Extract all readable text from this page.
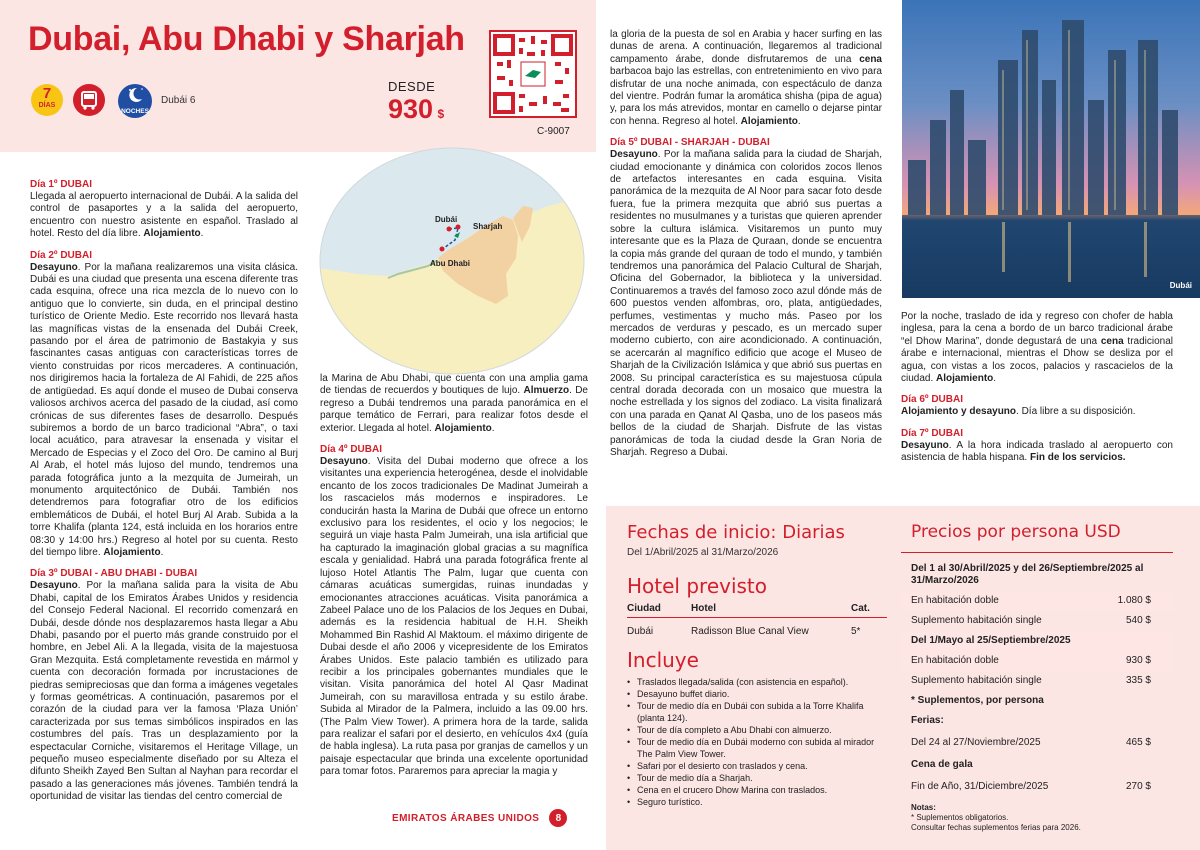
Dubai, Abu Dhabi y Sharjah
7
DÍAS
NOCHES
Dubái 6
DESDE
930 $
C-9007
Dubái
Sharjah
Abu Dhabi
Día 1º DUBAI
Llegada al aeropuerto internacional de Dubái. A la salida del control de pasaportes y a la salida del aeropuerto, encuentro con nuestro asistente en español. Traslado al hotel. Resto del día libre. Alojamiento.
Día 2º DUBAI
Desayuno. Por la mañana realizaremos una visita clásica. Dubái es una ciudad que presenta una escena diferente tras cada esquina, ofrece una rica mezcla de lo nuevo con lo antiguo que lo convierte, sin duda, en el principal destino turístico de Oriente Medio. Este recorrido nos llevará hasta las magníficas vistas de la ensenada del Dubái Creek, pasando por el área de patrimonio de Bastakyia y sus fascinantes casas antiguas con características torres de viento construidas por ricos mercaderes. A continuación, nos dirigiremos hacia la fortaleza de Al Fahidi, de 225 años de antigüedad. Es aquí donde el museo de Dubai conserva valiosos archivos acerca del pasado de la ciudad, así como crónicas de sus diferentes fases de desarrollo. Después subiremos a bordo de un barco tradicional “Abra”, o taxi local acuático, para atravesar la ensenada y visitar el Mercado de Especias y el Zoco del Oro. De camino al Burj Al Arab, el hotel más lujoso del mundo, tendremos una parada fotográfica junto a la mezquita de Jumeirah, un monumento arquitectónico de Dubái. También nos detendremos para fotografiar otro de los edificios emblemáticos de Dubái, el hotel Burj Al Arab. Subida a la torre Khalifa (planta 124, está incluida en los horarios entre 08:30 y 14:00 hrs.) Regreso al hotel por su cuenta. Resto del tiempo libre. Alojamiento.
Día 3º DUBAI - ABU DHABI - DUBAI
Desayuno. Por la mañana salida para la visita de Abu Dhabi, capital de los Emiratos Árabes Unidos y residencia del Consejo Federal Nacional. El recorrido comenzará en Dubái, desde dónde nos desplazaremos hasta llegar a Abu Dhabi, pasando por el puerto más grande construido por el hombre, en Jebel Ali. A la llegada, visita de la majestuosa Gran Mezquita. Está completamente revestida en mármol y cuenta con decoración formada por incrustaciones de piedras semipreciosas que dan forma a imágenes vegetales y formas geométricas. A continuación, pasaremos por el corazón de la ciudad para ver la famosa ‘Plaza Unión’ caracterizada por sus temas simbólicos inspirados en las costumbres del país. Tras un desplazamiento por la espectacular Corniche, visitaremos el Heritage Village, un pequeño museo especialmente diseñado por su Alteza el difunto Sheikh Zayed Ben Sultan al Nayhan para recordar el pasado a las generaciones más jóvenes. También tendrá la oportunidad de visitar las tiendas del centro comercial de
la Marina de Abu Dhabi, que cuenta con una amplia gama de tiendas de recuerdos y boutiques de lujo. Almuerzo. De regreso a Dubái tendremos una parada panorámica en el parque temático de Ferrari, para realizar fotos desde el exterior. Llegada al hotel. Alojamiento.
Día 4º DUBAI
Desayuno. Visita del Dubai moderno que ofrece a los visitantes una experiencia heterogénea, desde el inolvidable encanto de los zocos tradicionales De Madinat Jumeirah a los rascacielos más modernos e inspiradores. Le conducirán hasta la Marina de Dubái que ofrece un entorno exclusivo para los residentes, el ocio y los negocios; le seguirá un viaje hasta Palm Jumeirah, una isla artificial que ha capturado la imaginación global gracias a su magnífica escala y genialidad. Habrá una parada fotográfica frente al lujoso Hotel Atlantis The Palm, lugar que cuenta con cámaras acuáticas sumergidas, ruinas inundadas y emocionantes atracciones acuáticas. Visita panorámica a Zabeel Palace uno de los Palacios de los Jeques en Dubai, además es la residencia habitual de H.H. Sheikh Mohammed Bin Rashid Al Maktoum. el máximo dirigente de Dubai desde el año 2006 y vicepresidente de los Emiratos Árabes Unidos. Este palacio también es utilizado para recibir a los principales gobernantes mundiales que le visitan. Visita panorámica del hotel Al Qasr Madinat Jumeirah, con su maravillosa entrada y su estilo árabe. Subida al Mirador de la Palmera, incluido a las 09.00 hrs. (The Palm View Tower). A primera hora de la tarde, salida para realizar el safari por el desierto, en vehículos 4x4 (guía de habla inglesa). La ruta pasa por granjas de camellos y un paisaje espectacular que brinda una excelente oportunidad para tomar fotos. Pararemos para apreciar la magia y
EMIRATOS ÁRABES UNIDOS	8
la gloria de la puesta de sol en Arabia y hacer surfing en las dunas de arena. A continuación, llegaremos al tradicional campamento árabe, donde disfrutaremos de una cena barbacoa bajo las estrellas, con entretenimiento en vivo para disfrutar de una noche animada, con espectáculo de danza del vientre. Podrán fumar la aromática shisha (pipa de agua) y, para los más atrevidos, montar en camello o dejarse pintar con henna. Regreso al hotel. Alojamiento.
Día 5º DUBAI - SHARJAH - DUBAI
Desayuno. Por la mañana salida para la ciudad de Sharjah, ciudad emocionante y dinámica con coloridos zocos llenos de artefactos interesantes en cada esquina. Visita panorámica de la mezquita de Al Noor para sacar foto desde fuera, fue la primera mezquita que abrió sus puertas a residentes no musulmanes y a turistas que quieren aprender sobre la cultura islámica. Visitaremos un punto muy interesante que es la Plaza de Quraan, donde se encuentra la copia más grande del quraan de todo el mundo, y también tendremos una panorámica del Palacio Cultural de Sharjah, Oficina del Gobernador, la biblioteca y la universidad. Continuaremos a través del famoso zoco azul dónde más de 600 puestos venden alfombras, oro, plata, antigüedades, perfumes, vestimentas y mucho más. Paseo por los mercados de verduras y pescado, es un mercado super moderno cubierto, con aire acondicionado. A continuación, se acercarán al magnífico edificio que acoge el Museo de Sharjah de la Civilización Islámica y que abrió sus puertas en 2008. Su principal característica es su majestuosa cúpula central dorada decorada con un mosaico que muestra la noche estrellada y los signos del zodiaco. La visita finalizará con una parada en Qanat Al Qasba, uno de los paseos más bellos de la ciudad de Sharjah. Disfrute de las vistas panorámicas de toda la ciudad desde la Gran Noria de Sharjah. Regreso a Dubai.
Dubái
Por la noche, traslado de ida y regreso con chofer de habla inglesa, para la cena a bordo de un barco tradicional árabe “el Dhow Marina”, donde degustará de una cena tradicional árabe e internacional, mientras el Dhow se desliza por el agua, con vistas a los zocos, palacios y rascacielos de la ciudad. Alojamiento.
Día 6º DUBAI
Alojamiento y desayuno. Día libre a su disposición.
Día 7º DUBAI
Desayuno. A la hora indicada traslado al aeropuerto con asistencia de habla hispana. Fin de los servicios.
Fechas de inicio: Diarias
Del 1/Abril/2025 al 31/Marzo/2026
Hotel previsto
Ciudad	Hotel	Cat.
Dubái	Radisson Blue Canal View	5*
Incluye
• Traslados llegada/salida (con asistencia en español).
• Desayuno buffet diario.
• Tour de medio día en Dubái con subida a la Torre Khalifa (planta 124).
• Tour de día completo a Abu Dhabi con almuerzo.
• Tour de medio día en Dubái moderno con subida al mirador The Palm View Tower.
• Safari por el desierto con traslados y cena.
• Tour de medio día a Sharjah.
• Cena en el crucero Dhow Marina con traslados.
• Seguro turístico.
Precios por persona USD
Del 1 al 30/Abril/2025 y del 26/Septiembre/2025 al 31/Marzo/2026
En habitación doble	1.080 $
Suplemento habitación single	540 $
Del 1/Mayo al 25/Septiembre/2025
En habitación doble	930 $
Suplemento habitación single	335 $
* Suplementos, por persona
Ferias:
Del 24 al 27/Noviembre/2025	465 $
Cena de gala
Fin de Año, 31/Diciembre/2025	270 $
Notas:
* Suplementos obligatorios.
Consultar fechas suplementos ferias para 2026.
